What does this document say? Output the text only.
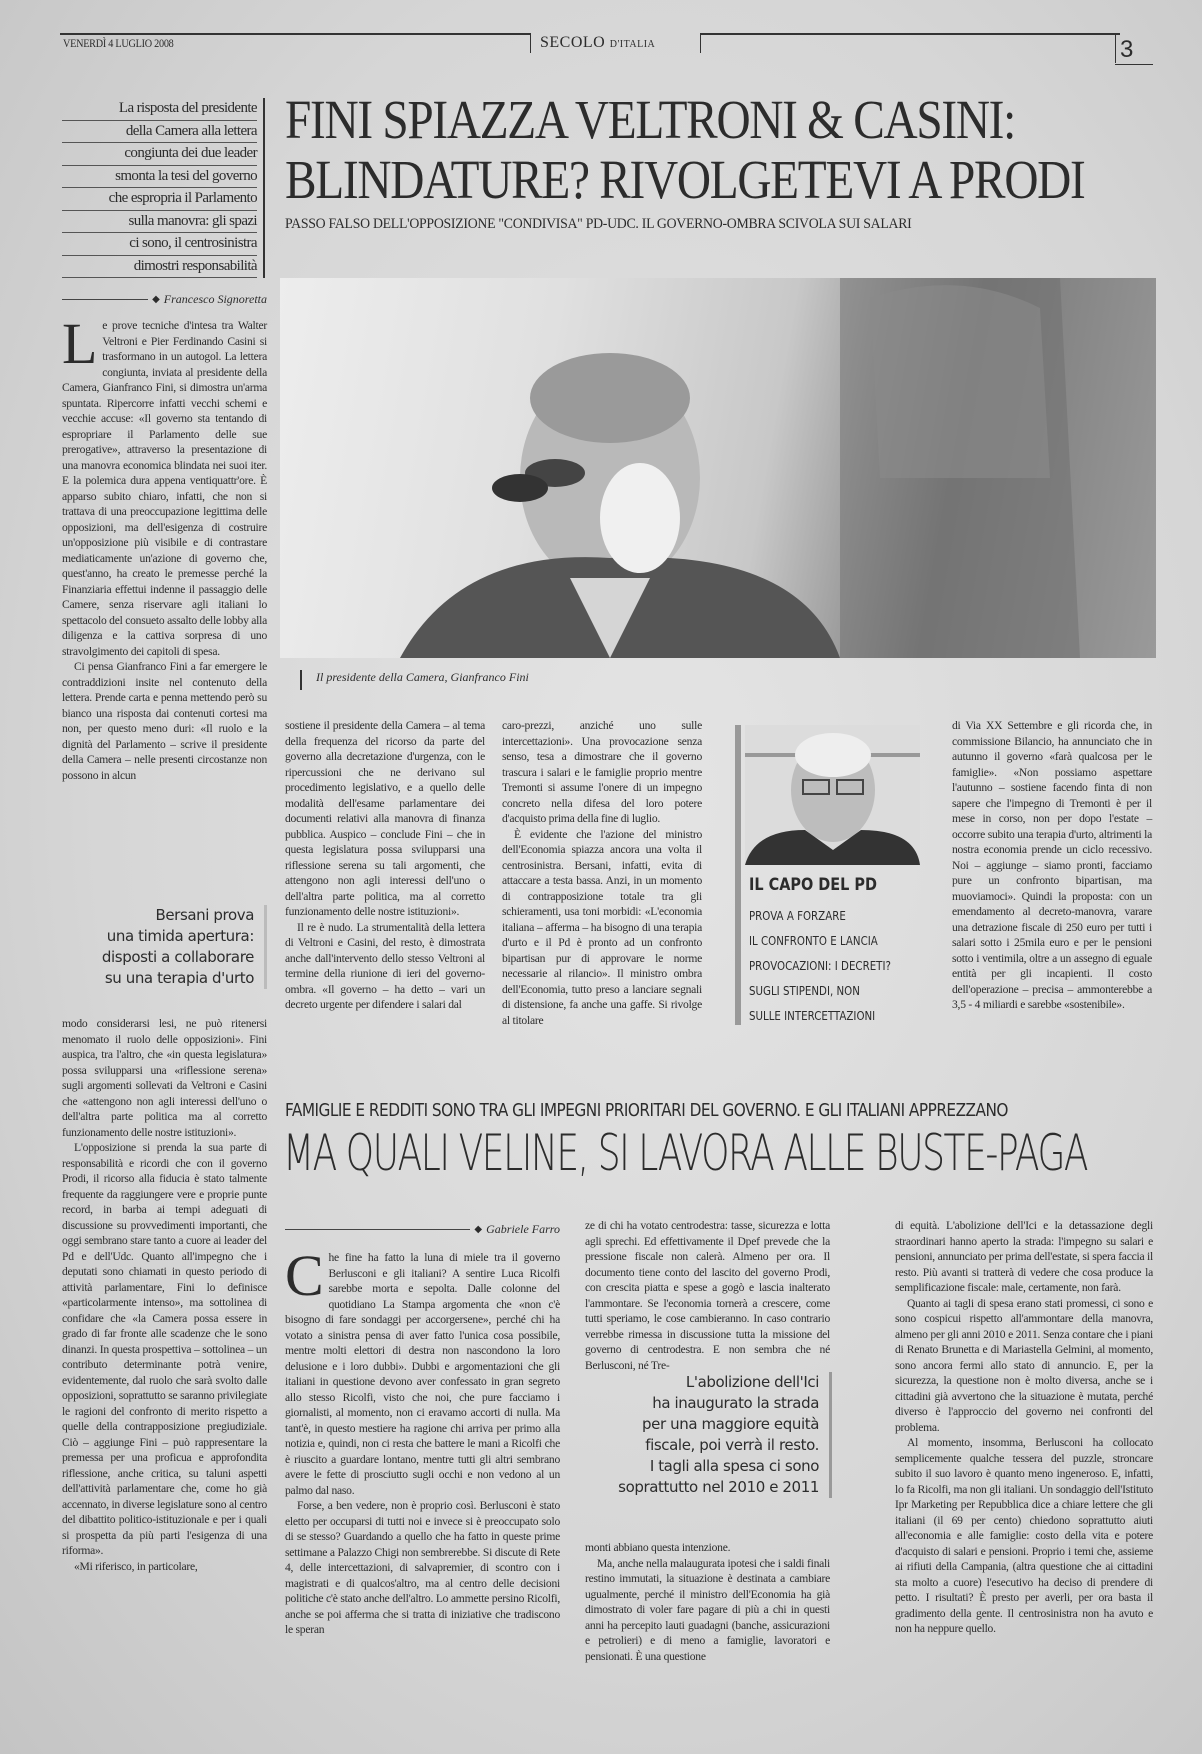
VENERDÌ 4 LUGLIO 2008	SECOLO D'ITALIA	3
La risposta del presidente
della Camera alla lettera
congiunta dei due leader
smonta la tesi del governo
che espropria il Parlamento
sulla manovra: gli spazi
ci sono, il centrosinistra
dimostri responsabilità
FINI SPIAZZA VELTRONI & CASINI:
BLINDATURE? RIVOLGETEVI A PRODI
PASSO FALSO DELL'OPPOSIZIONE "CONDIVISA" PD-UDC. IL GOVERNO-OMBRA SCIVOLA SUI SALARI
◆ Francesco Signoretta
Il presidente della Camera, Gianfranco Fini
L e prove tecniche d'intesa tra Walter Veltroni e Pier Ferdinando Casini si trasformano in un autogol. La lettera congiunta, inviata al presidente della Camera, Gianfranco Fini, si dimostra un'arma spuntata. Ripercorre infatti vecchi schemi e vecchie accuse: «Il governo sta tentando di espropriare il Parlamento delle sue prerogative», attraverso la presentazione di una manovra economica blindata nei suoi iter. E la polemica dura appena ventiquattr'ore. È apparso subito chiaro, infatti, che non si trattava di una preoccupazione legittima delle opposizioni, ma dell'esigenza di costruire un'opposizione più visibile e di contrastare mediaticamente un'azione di governo che, quest'anno, ha creato le premesse perché la Finanziaria effettui indenne il passaggio delle Camere, senza riservare agli italiani lo spettacolo del consueto assalto delle lobby alla diligenza e la cattiva sorpresa di uno stravolgimento dei capitoli di spesa.

Ci pensa Gianfranco Fini a far emergere le contraddizioni insite nel contenuto della lettera. Prende carta e penna mettendo però su bianco una risposta dai contenuti cortesi ma non, per questo meno duri: «Il ruolo e la dignità del Parlamento – scrive il presidente della Camera – nelle presenti circostanze non possono in alcun

Bersani prova
una timida apertura:
disposti a collaborare
su una terapia d'urto

modo considerarsi lesi, ne può ritenersi menomato il ruolo delle opposizioni». Fini auspica, tra l'altro, che «in questa legislatura» possa svilupparsi una «riflessione serena» sugli argomenti sollevati da Veltroni e Casini che «attengono non agli interessi dell'uno o dell'altra parte politica ma al corretto funzionamento delle nostre istituzioni».

L'opposizione si prenda la sua parte di responsabilità e ricordi che con il governo Prodi, il ricorso alla fiducia è stato talmente frequente da raggiungere vere e proprie punte record, in barba ai tempi adeguati di discussione su provvedimenti importanti, che oggi sembrano stare tanto a cuore ai leader del Pd e dell'Udc. Quanto all'impegno che i deputati sono chiamati in questo periodo di attività parlamentare, Fini lo definisce «particolarmente intenso», ma sottolinea di confidare che «la Camera possa essere in grado di far fronte alle scadenze che le sono dinanzi. In questa prospettiva – sottolinea – un contributo determinante potrà venire, evidentemente, dal ruolo che sarà svolto dalle opposizioni, soprattutto se saranno privilegiate le ragioni del confronto di merito rispetto a quelle della contrapposizione pregiudiziale. Ciò – aggiunge Fini – può rappresentare la premessa per una proficua e approfondita riflessione, anche critica, su taluni aspetti dell'attività parlamentare che, come ho già accennato, in diverse legislature sono al centro del dibattito politico-istituzionale e per i quali si prospetta da più parti l'esigenza di una riforma».

«Mi riferisco, in particolare,

sostiene il presidente della Camera – al tema della frequenza del ricorso da parte del governo alla decretazione d'urgenza, con le ripercussioni che ne derivano sul procedimento legislativo, e a quello delle modalità dell'esame parlamentare dei documenti relativi alla manovra di finanza pubblica. Auspico – conclude Fini – che in questa legislatura possa svilupparsi una riflessione serena su tali argomenti, che attengono non agli interessi dell'uno o dell'altra parte politica, ma al corretto funzionamento delle nostre istituzioni».

Il re è nudo. La strumentalità della lettera di Veltroni e Casini, del resto, è dimostrata anche dall'intervento dello stesso Veltroni al termine della riunione di ieri del governo-ombra. «Il governo – ha detto – vari un decreto urgente per difendere i salari dal

caro-prezzi, anziché uno sulle intercettazioni». Una provocazione senza senso, tesa a dimostrare che il governo trascura i salari e le famiglie proprio mentre Tremonti si assume l'onere di un impegno concreto nella difesa del loro potere d'acquisto prima della fine di luglio.

È evidente che l'azione del ministro dell'Economia spiazza ancora una volta il centrosinistra. Bersani, infatti, evita di attaccare a testa bassa. Anzi, in un momento di contrapposizione totale tra gli schieramenti, usa toni morbidi: «L'economia italiana – afferma – ha bisogno di una terapia d'urto e il Pd è pronto ad un confronto bipartisan pur di approvare le norme necessarie al rilancio». Il ministro ombra dell'Economia, tutto preso a lanciare segnali di distensione, fa anche una gaffe. Si rivolge al titolare

IL CAPO DEL PD
PROVA A FORZARE
IL CONFRONTO E LANCIA
PROVOCAZIONI: I DECRETI?
SUGLI STIPENDI, NON
SULLE INTERCETTAZIONI

di Via XX Settembre e gli ricorda che, in commissione Bilancio, ha annunciato che in autunno il governo «farà qualcosa per le famiglie». «Non possiamo aspettare l'autunno – sostiene facendo finta di non sapere che l'impegno di Tremonti è per il mese in corso, non per dopo l'estate – occorre subito una terapia d'urto, altrimenti la nostra economia prende un ciclo recessivo. Noi – aggiunge – siamo pronti, facciamo pure un confronto bipartisan, ma muoviamoci». Quindi la proposta: con un emendamento al decreto-manovra, varare una detrazione fiscale di 250 euro per tutti i salari sotto i 25mila euro e per le pensioni sotto i ventimila, oltre a un assegno di eguale entità per gli incapienti. Il costo dell'operazione – precisa – ammonterebbe a 3,5 - 4 miliardi e sarebbe «sostenibile».

FAMIGLIE E REDDITI SONO TRA GLI IMPEGNI PRIORITARI DEL GOVERNO. E GLI ITALIANI APPREZZANO
MA QUALI VELINE, SI LAVORA ALLE BUSTE-PAGA
◆ Gabriele Farro
C he fine ha fatto la luna di miele tra il governo Berlusconi e gli italiani? A sentire Luca Ricolfi sarebbe morta e sepolta. Dalle colonne del quotidiano La Stampa argomenta che «non c'è bisogno di fare sondaggi per accorgersene», perché chi ha votato a sinistra pensa di aver fatto l'unica cosa possibile, mentre molti elettori di destra non nascondono la loro delusione e i loro dubbi». Dubbi e argomentazioni che gli italiani in questione devono aver confessato in gran segreto allo stesso Ricolfi, visto che noi, che pure facciamo i giornalisti, al momento, non ci eravamo accorti di nulla. Ma tant'è, in questo mestiere ha ragione chi arriva per primo alla notizia e, quindi, non ci resta che battere le mani a Ricolfi che è riuscito a guardare lontano, mentre tutti gli altri sembrano avere le fette di prosciutto sugli occhi e non vedono al un palmo dal naso.

Forse, a ben vedere, non è proprio così. Berlusconi è stato eletto per occuparsi di tutti noi e invece si è preoccupato solo di se stesso? Guardando a quello che ha fatto in queste prime settimane a Palazzo Chigi non sembrerebbe. Si discute di Rete 4, delle intercettazioni, di salvapremier, di scontro con i magistrati e di qualcos'altro, ma al centro delle decisioni politiche c'è stato anche dell'altro. Lo ammette persino Ricolfi, anche se poi afferma che si tratta di iniziative che tradiscono le speran

ze di chi ha votato centrodestra: tasse, sicurezza e lotta agli sprechi. Ed effettivamente il Dpef prevede che la pressione fiscale non calerà. Almeno per ora. Il documento tiene conto del lascito del governo Prodi, con crescita piatta e spese a gogò e lascia inalterato l'ammontare. Se l'economia tornerà a crescere, come tutti speriamo, le cose cambieranno. In caso contrario verrebbe rimessa in discussione tutta la missione del governo di centrodestra. E non sembra che né Berlusconi, né Tre-

L'abolizione dell'Ici
ha inaugurato la strada
per una maggiore equità
fiscale, poi verrà il resto.
I tagli alla spesa ci sono
soprattutto nel 2010 e 2011

monti abbiano questa intenzione.

Ma, anche nella malaugurata ipotesi che i saldi finali restino immutati, la situazione è destinata a cambiare ugualmente, perché il ministro dell'Economia ha già dimostrato di voler fare pagare di più a chi in questi anni ha percepito lauti guadagni (banche, assicurazioni e petrolieri) e di meno a famiglie, lavoratori e pensionati. È una questione

di equità. L'abolizione dell'Ici e la detassazione degli straordinari hanno aperto la strada: l'impegno su salari e pensioni, annunciato per prima dell'estate, si spera faccia il resto. Più avanti si tratterà di vedere che cosa produce la semplificazione fiscale: male, certamente, non farà.

Quanto ai tagli di spesa erano stati promessi, ci sono e sono cospicui rispetto all'ammontare della manovra, almeno per gli anni 2010 e 2011. Senza contare che i piani di Renato Brunetta e di Mariastella Gelmini, al momento, sono ancora fermi allo stato di annuncio. E, per la sicurezza, la questione non è molto diversa, anche se i cittadini già avvertono che la situazione è mutata, perché diverso è l'approccio del governo nei confronti del problema.

Al momento, insomma, Berlusconi ha collocato semplicemente qualche tessera del puzzle, stroncare subito il suo lavoro è quanto meno ingeneroso. E, infatti, lo fa Ricolfi, ma non gli italiani. Un sondaggio dell'Istituto Ipr Marketing per Repubblica dice a chiare lettere che gli italiani (il 69 per cento) chiedono soprattutto aiuti all'economia e alle famiglie: costo della vita e potere d'acquisto di salari e pensioni. Proprio i temi che, assieme ai rifiuti della Campania, (altra questione che ai cittadini sta molto a cuore) l'esecutivo ha deciso di prendere di petto. I risultati? È presto per averli, per ora basta il gradimento della gente. Il centrosinistra non ha avuto e non ha neppure quello.
